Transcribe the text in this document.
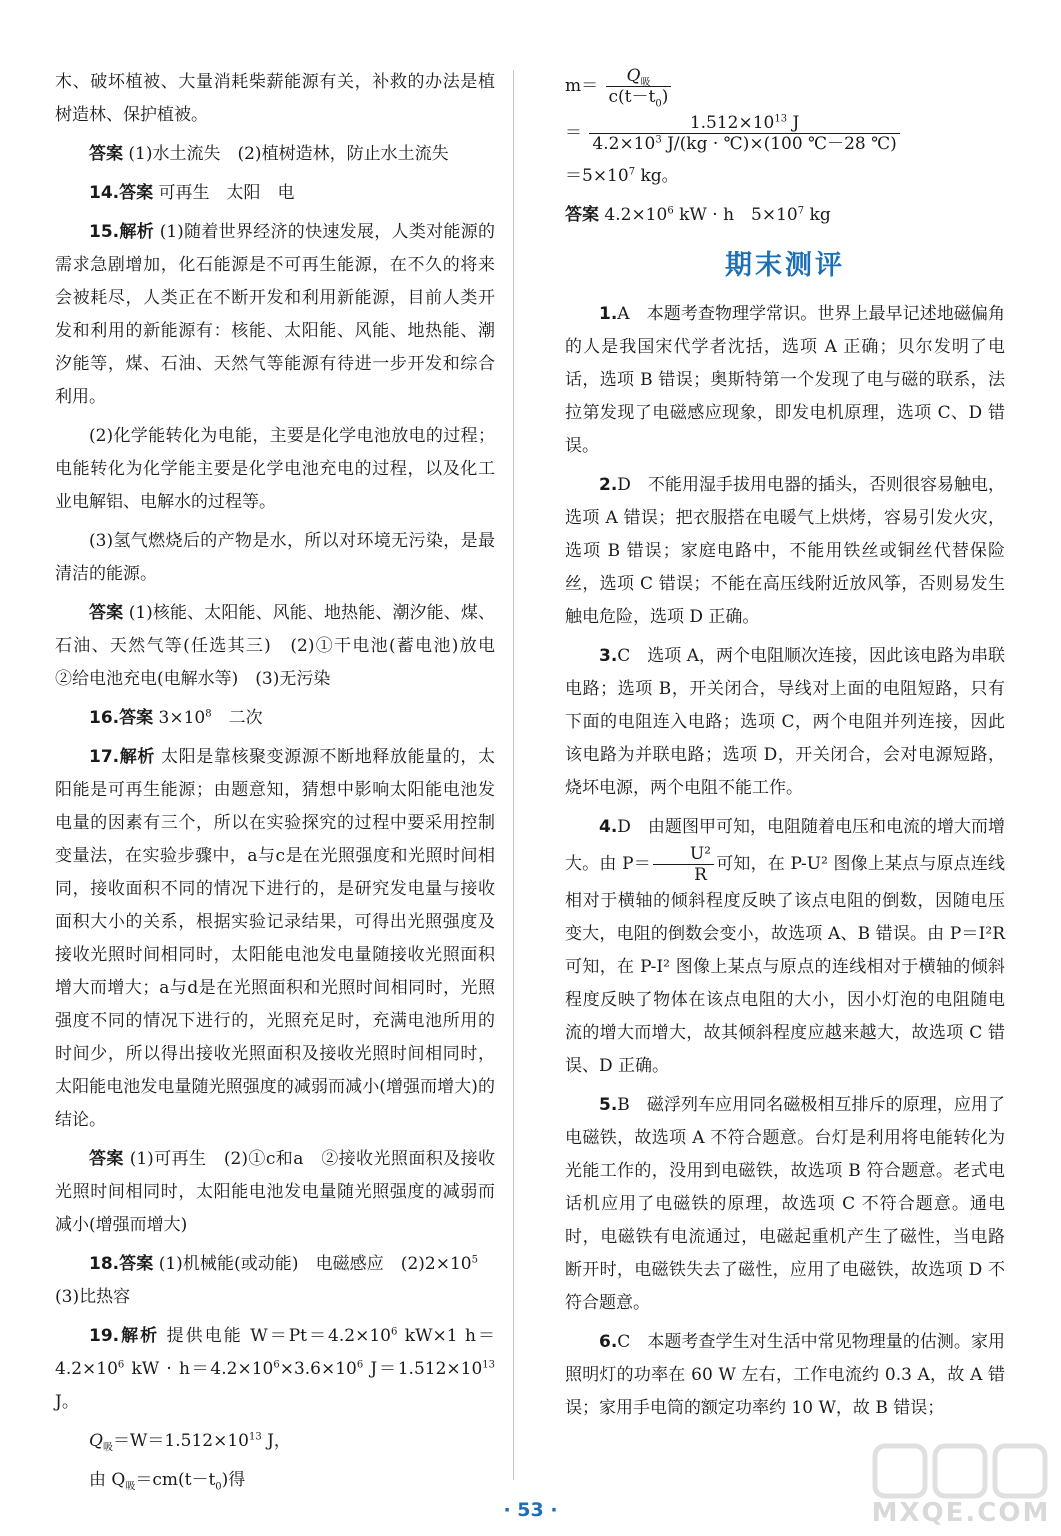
木、破坏植被、大量消耗柴薪能源有关，补救的办法是植树造林、保护植被。

答案 (1)水土流失　(2)植树造林，防止水土流失

14.答案 可再生　太阳　电

15.解析 (1)随着世界经济的快速发展，人类对能源的需求急剧增加，化石能源是不可再生能源，在不久的将来会被耗尽，人类正在不断开发和利用新能源，目前人类开发和利用的新能源有：核能、太阳能、风能、地热能、潮汐能等，煤、石油、天然气等能源有待进一步开发和综合利用。

(2)化学能转化为电能，主要是化学电池放电的过程；电能转化为化学能主要是化学电池充电的过程，以及化工业电解铝、电解水的过程等。

(3)氢气燃烧后的产物是水，所以对环境无污染，是最清洁的能源。

答案 (1)核能、太阳能、风能、地热能、潮汐能、煤、石油、天然气等(任选其三)　(2)①干电池(蓄电池)放电　②给电池充电(电解水等)　(3)无污染

16.答案 $3\times 10^8$　二次

17.解析 太阳是靠核聚变源源不断地释放能量的，太阳能是可再生能源；由题意知，猜想中影响太阳能电池发电量的因素有三个，所以在实验探究的过程中要采用控制变量法，在实验步骤中，a与c是在光照强度和光照时间相同，接收面积不同的情况下进行的，是研究发电量与接收面积大小的关系，根据实验记录结果，可得出光照强度及接收光照时间相同时，太阳能电池发电量随接收光照面积增大而增大；a与d是在光照面积和光照时间相同时，光照强度不同的情况下进行的，光照充足时，充满电池所用的时间少，所以得出接收光照面积及接收光照时间相同时，太阳能电池发电量随光照强度的减弱而减小(增强而增大)的结论。

答案 (1)可再生　(2)①c和a　②接收光照面积及接收光照时间相同时，太阳能电池发电量随光照强度的减弱而减小(增强而增大)

18.答案 (1)机械能(或动能)　电磁感应　$(2)2\times 10^5$　(3)比热容

19.解析 提供电能 $W=Pt=4.2\times 10^6$ kW×1 $h=4.2\times 10^6$ kW · $h=4.2\times 10^6\times 3.6\times 10^6$ $J=1.512\times 10^{13}$ J。

$Q_吸=W=1.512\times 10^{13}$ J，

由 $Q_吸=cm(t-t_0)$得

$m= \frac{Q_吸}{c(t-t_0)}$
＝ $\frac{1.512\times 10^{13} J}{4.2\times 10^3 J/(kg \cdot ℃)\times(100 ℃-28 ℃)}$

$=5\times 10^7$ kg。

答案 $4.2\times 10^6$ kW · h　$5\times 10^7$ kg

期末测评

1.A　本题考查物理学常识。世界上最早记述地磁偏角的人是我国宋代学者沈括，选项 A 正确；贝尔发明了电话，选项 B 错误；奥斯特第一个发现了电与磁的联系，法拉第发现了电磁感应现象，即发电机原理，选项 C、D 错误。

2.D　不能用湿手拔用电器的插头，否则很容易触电，选项 A 错误；把衣服搭在电暖气上烘烤，容易引发火灾，选项 B 错误；家庭电路中，不能用铁丝或铜丝代替保险丝，选项 C 错误；不能在高压线附近放风筝，否则易发生触电危险，选项 D 正确。

3.C　选项 A，两个电阻顺次连接，因此该电路为串联电路；选项 B，开关闭合，导线对上面的电阻短路，只有下面的电阻连入电路；选项 C，两个电阻并列连接，因此该电路为并联电路；选项 D，开关闭合，会对电源短路，烧坏电源，两个电阻不能工作。

4.D　由题图甲可知，电阻随着电压和电流的增大而增大。由 $P= \frac{\text{U²}}{R}$ 可知，在 P-U² 图像上某点与原点连线相对于横轴的倾斜程度反映了该点电阻的倒数，因随电压变大，电阻的倒数会变小，故选项 A、B 错误。由 P＝I²R 可知，在 P-I² 图像上某点与原点的连线相对于横轴的倾斜程度反映了物体在该点电阻的大小，因小灯泡的电阻随电流的增大而增大，故其倾斜程度应越来越大，故选项 C 错误、D 正确。

5.B　磁浮列车应用同名磁极相互排斥的原理，应用了电磁铁，故选项 A 不符合题意。台灯是利用将电能转化为光能工作的，没用到电磁铁，故选项 B 符合题意。老式电话机应用了电磁铁的原理，故选项 C 不符合题意。通电时，电磁铁有电流通过，电磁起重机产生了磁性，当电路断开时，电磁铁失去了磁性，应用了电磁铁，故选项 D 不符合题意。

6.C　本题考查学生对生活中常见物理量的估测。家用照明灯的功率在 60 W 左右，工作电流约 0.3 A，故 A 错误；家用手电筒的额定功率约 10 W，故 B 错误；

· 53 ·	MXQE.COM
